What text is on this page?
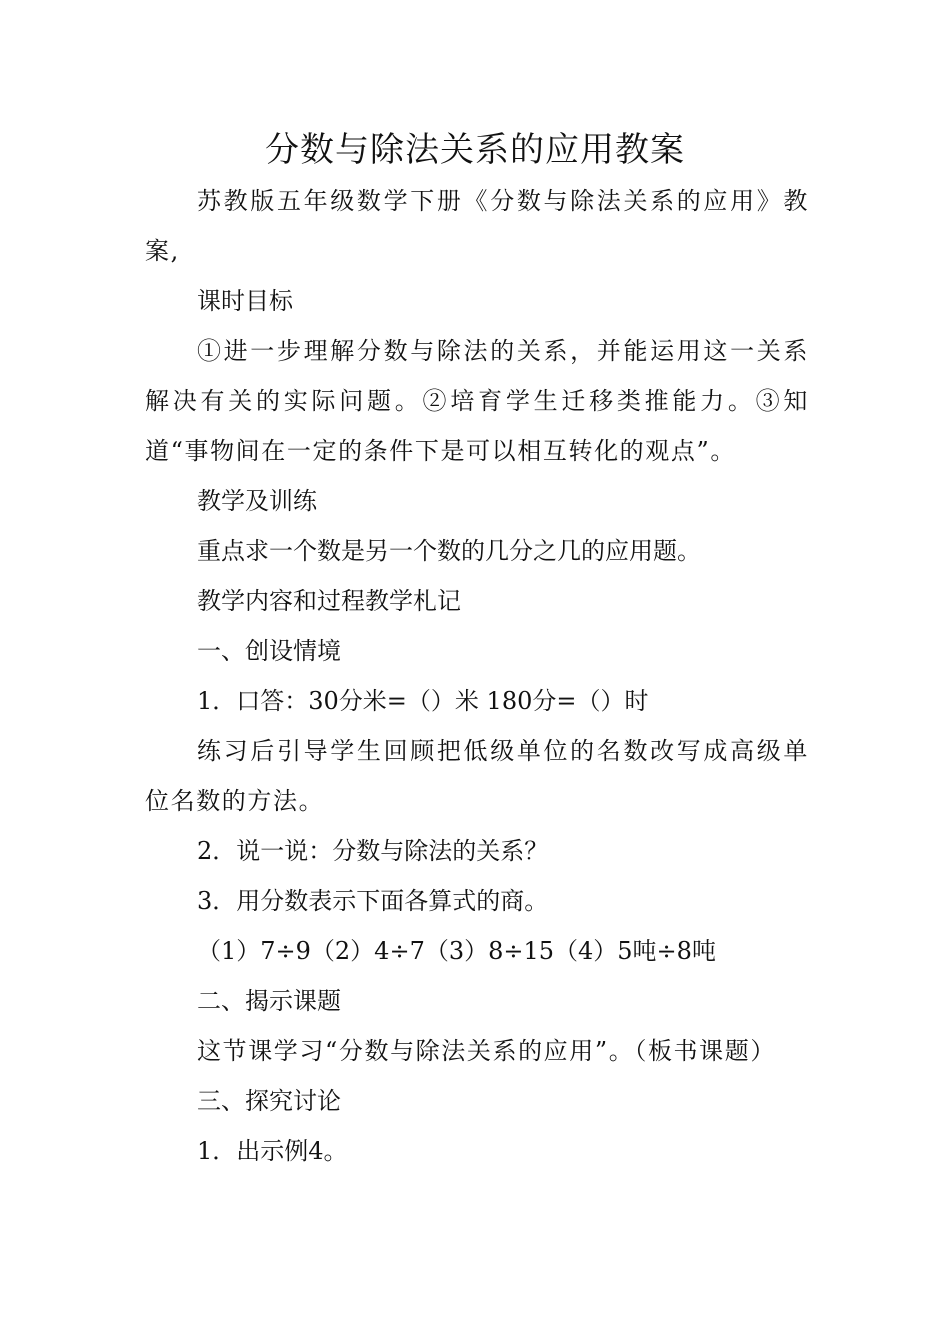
分数与除法关系的应用教案

苏教版五年级数学下册《分数与除法关系的应用》教案,

课时目标

①进一步理解分数与除法的关系，并能运用这一关系解决有关的实际问题。②培育学生迁移类推能力。③知道“事物间在一定的条件下是可以相互转化的观点”。

教学及训练

重点求一个数是另一个数的几分之几的应用题。

教学内容和过程教学札记

一、创设情境

1．口答：30分米=（）米 180分=（）时

练习后引导学生回顾把低级单位的名数改写成高级单位名数的方法。

2．说一说：分数与除法的关系？

3．用分数表示下面各算式的商。

（1）7÷9（2）4÷7（3）8÷15（4）5吨÷8吨

二、揭示课题

这节课学习“分数与除法关系的应用”。（板书课题）

三、探究讨论

1．出示例4。
